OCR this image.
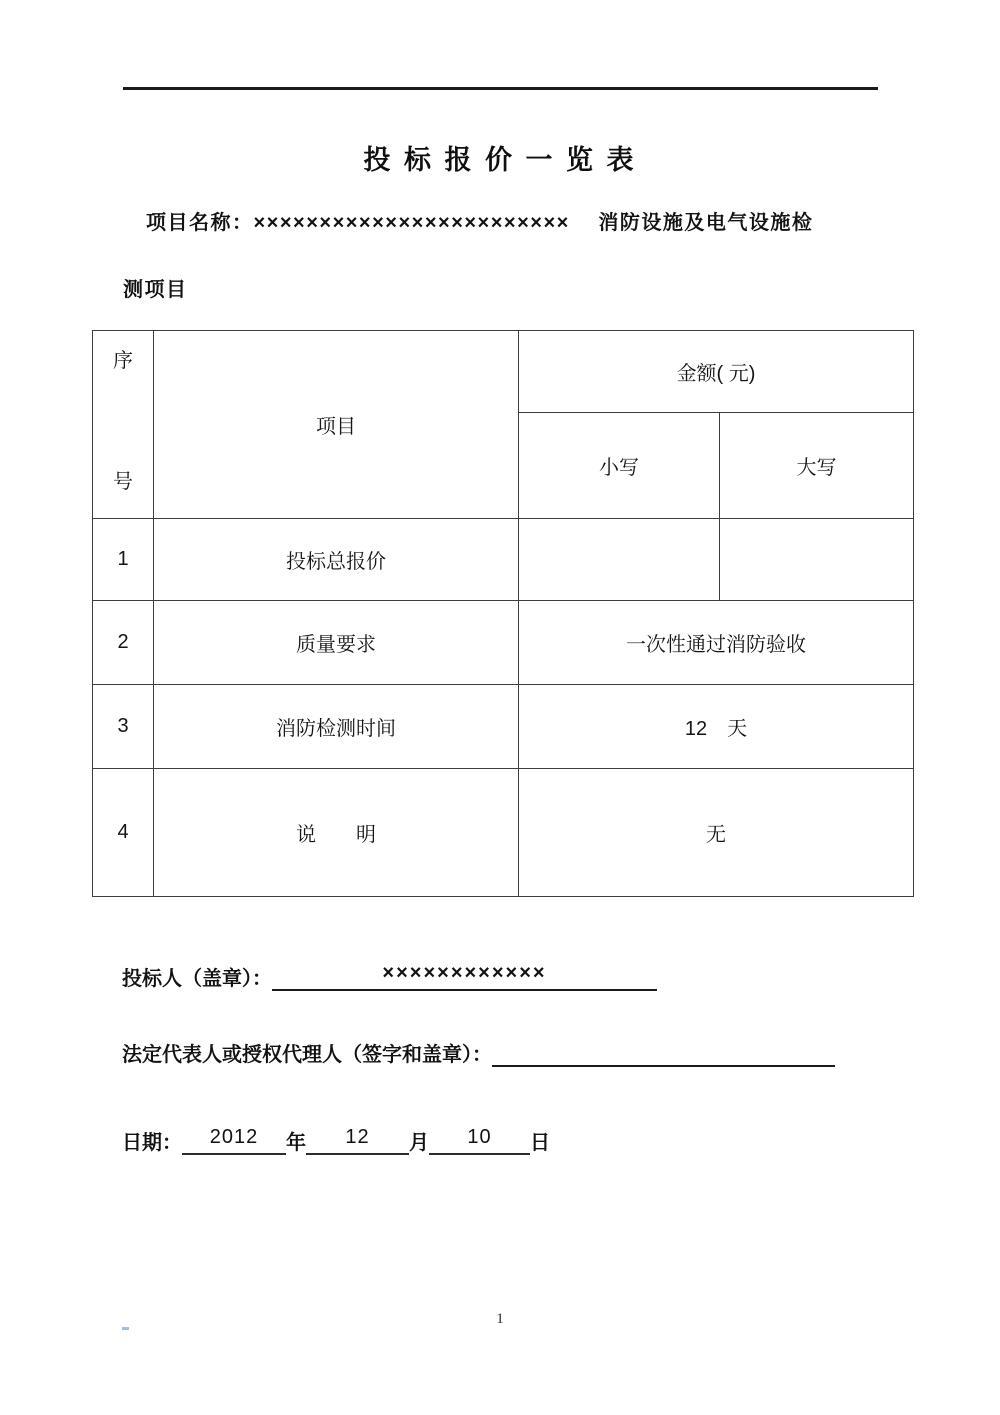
投 标 报 价 一 览 表
项目名称：××××××××××××××××××××××××　 消防设施及电气设施检
测项目

序
号	项目	金额( 元)	
		小写	大写
1	投标总报价		
2	质量要求	一次性通过消防验收	
3	消防检测时间	12　天	
4	说　　明	无	
投标人（盖章）：	××××××××××××
法定代表人或授权代理人（签字和盖章）：
日期： 2012 年 12 月 10 日
1
